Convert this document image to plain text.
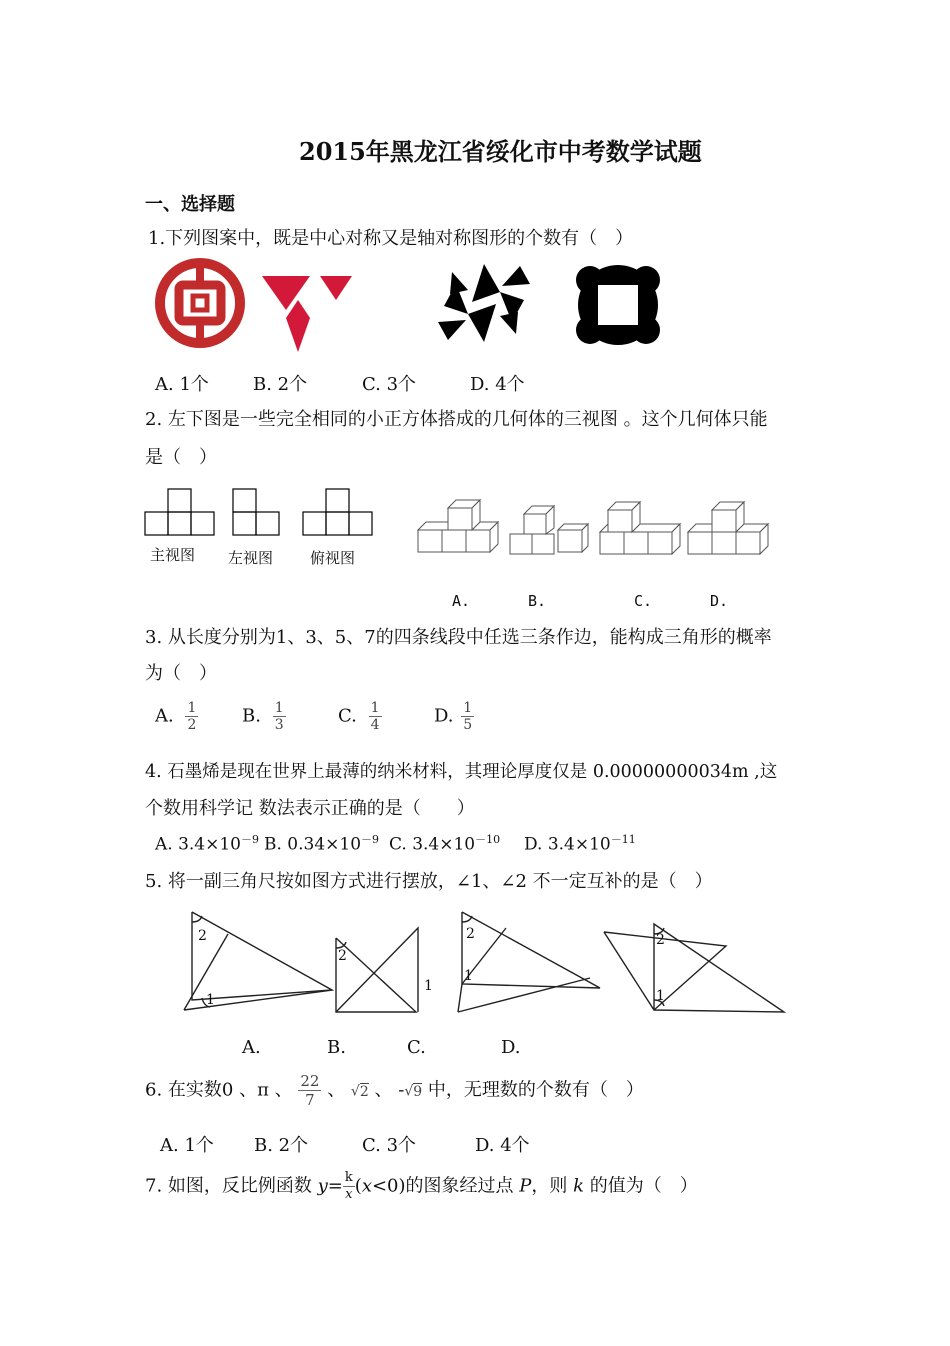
2015年黑龙江省绥化市中考数学试题
一、选择题
1.下列图案中，既是中心对称又是轴对称图形的个数有（　）
A. 1个 B. 2个	C. 3个	D. 4个
2. 左下图是一些完全相同的小正方体搭成的几何体的三视图 。这个几何体只能
是（　）
主视图 左视图 俯视图
A.	B.	C.	D.
3. 从长度分别为1、3、5、7的四条线段中任选三条作边，能构成三角形的概率
为（　）
A. $\frac{1}{2} B$. $\frac{1}{3}$	C. $\frac{1}{4}$	D. $\frac{1}{5}$
4. 石墨烯是现在世界上最薄的纳米材料，其理论厚度仅是 0.00000000034m ,这
个数用科学记 数法表示正确的是（　　）
A. $3.4\times 10^{-9}$ B. $0.34\times 10^{-9}$ C. $3.4\times 10^{-10}$ D. $3.4\times 10^{-11}$
5. 将一副三角尺按如图方式进行摆放，∠1、∠2 不一定互补的是（　）
2
1
2
1
2
1
2
1
A.	B.	C.	D.
6. 在实数0 、π 、 $\frac{22}{7}$ 、 √2 、 -√9 中，无理数的个数有（　）
A. 1个 B. 2个	C. 3个	D. 4个
7. 如图，反比例函数 $y= \frac{k}{x} (x<0)$的图象经过点 P，则 k 的值为（　）
